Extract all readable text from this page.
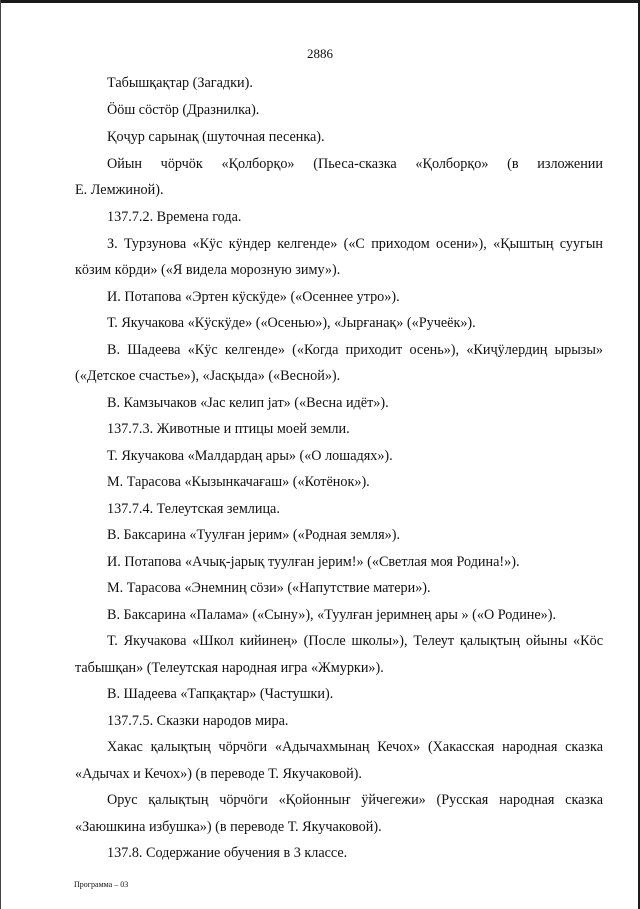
2886
Табышқақтар (Загадки).
Ӧӧш сӧстӧр (Дразнилка).
Қоҷур сарынақ (шуточная песенка).
Ойын чӧрчӧк «Қолборқо» (Пьеса-сказка «Қолборқо» (в изложении
Е. Лемжиной).
137.7.2. Времена года.
З. Турзунова «Кӱс кӱндер келгенде» («С приходом осени»), «Қыштың суугын
кӧзим кӧрди» («Я видела морозную зиму»).
И. Потапова «Эртен кӱскӱде» («Осеннее утро»).
Т. Якучакова «Кӱскӱде» («Осенью»), «Јырғанақ» («Ручеёк»).
В. Шадеева «Кӱс келгенде» («Когда приходит осень»), «Киҷӱлердиң ырызы»
(«Детское счастье»), «Јасқыда» («Весной»).
В. Камзычаков «Јас келип јат» («Весна идёт»).
137.7.3. Животные и птицы моей земли.
Т. Якучакова «Малдардаң ары» («О лошадях»).
М. Тарасова «Кызынкачағаш» («Котёнок»).
137.7.4. Телеутская землица.
В. Баксарина «Туулған јерим» («Родная земля»).
И. Потапова «Ачық-јарық туулған јерим!» («Светлая моя Родина!»).
М. Тарасова «Энемниң сӧзи» («Напутствие матери»).
В. Баксарина «Палама» («Сыну»), «Туулған јеримнең ары » («О Родине»).
Т. Якучакова «Школ кийинең» (После школы»), Телеут қалықтың ойыны «Кӧс
табышқан» (Телеутская народная игра «Жмурки»).
В. Шадеева «Тапқақтар» (Частушки).
137.7.5. Сказки народов мира.
Хакас қалықтың чӧрчӧги «Адычахмынаң Кечох» (Хакасская народная сказка
«Адычах и Кечох») (в переводе Т. Якучаковой).
Орус қалықтың чӧрчӧги «Қойонныҥ ӱйчегежи» (Русская народная сказка
«Заюшкина избушка») (в переводе Т. Якучаковой).
137.8. Содержание обучения в 3 классе.
Программа – 03
